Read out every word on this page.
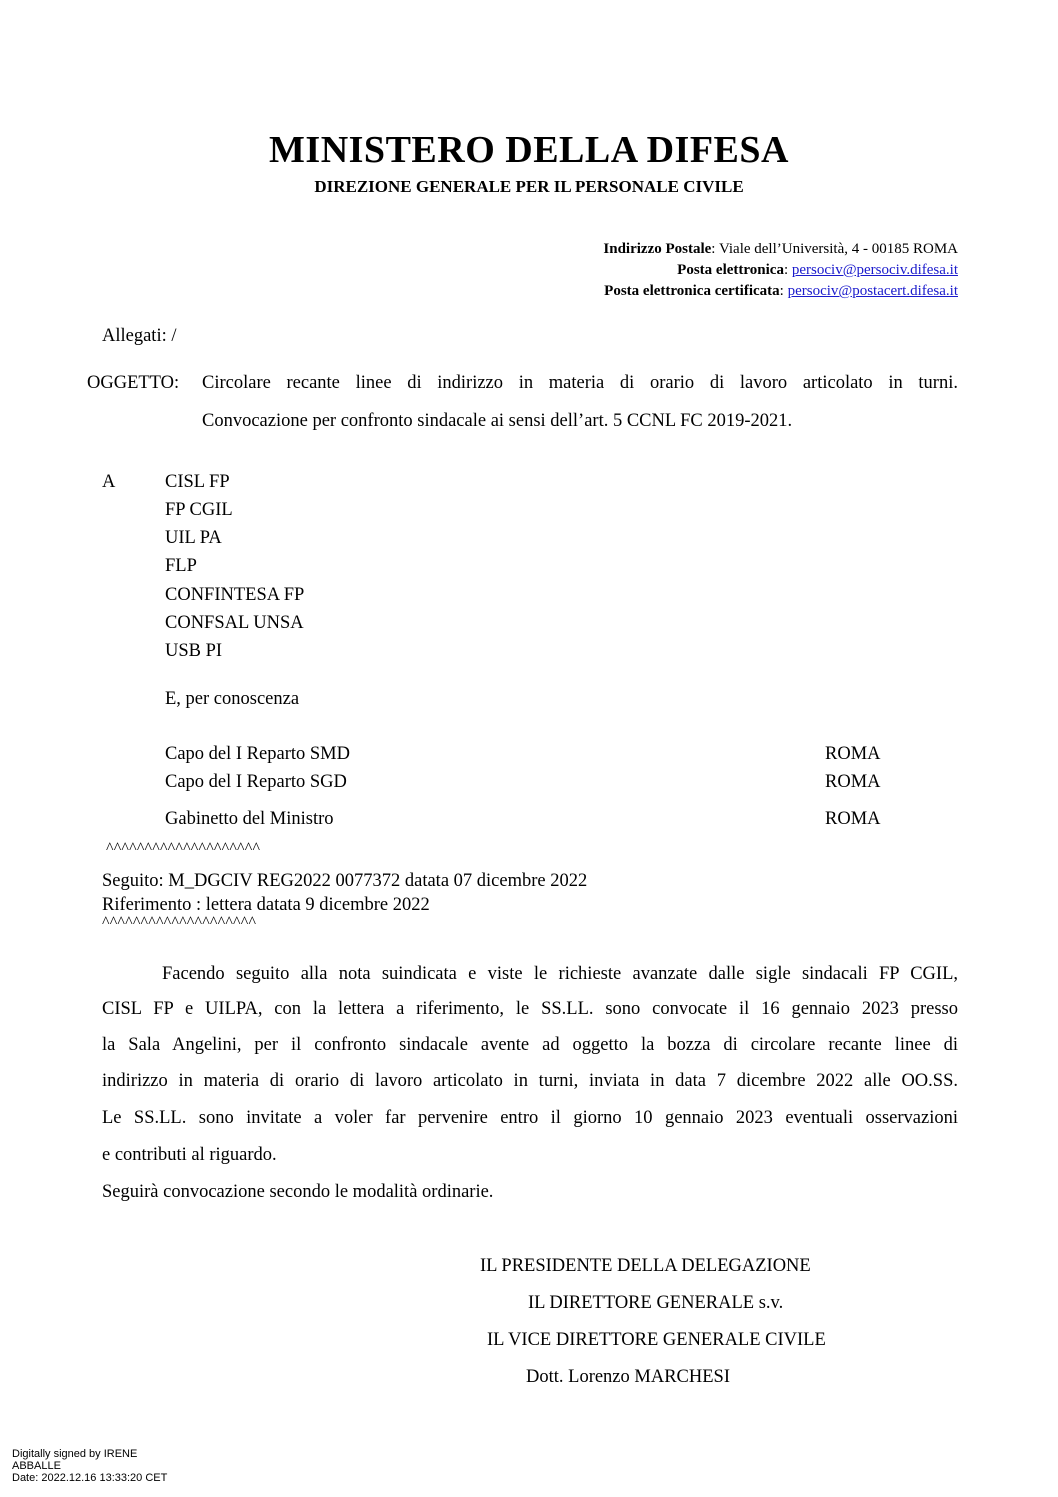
MINISTERO DELLA DIFESA
DIREZIONE GENERALE PER IL PERSONALE CIVILE
Indirizzo Postale: Viale dell’Università, 4 - 00185 ROMA
Posta elettronica: persociv@persociv.difesa.it
Posta elettronica certificata: persociv@postacert.difesa.it
Allegati: /
OGGETTO: Circolare recante linee di indirizzo in materia di orario di lavoro articolato in turni.
Convocazione per confronto sindacale ai sensi dell’art. 5 CCNL FC 2019-2021.
A	CISL FP
FP CGIL
UIL PA
FLP
CONFINTESA FP
CONFSAL UNSA
USB PI
E, per conoscenza
Capo del I Reparto SMD	ROMA
Capo del I Reparto SGD	ROMA
Gabinetto del Ministro	ROMA
^^^^^^^^^^^^^^^^^^^^
Seguito: M_DGCIV REG2022 0077372 datata 07 dicembre 2022
Riferimento : lettera datata 9 dicembre 2022
^^^^^^^^^^^^^^^^^^^^
Facendo seguito alla nota suindicata e viste le richieste avanzate dalle sigle sindacali FP CGIL,
CISL FP e UILPA, con la lettera a riferimento, le SS.LL. sono convocate il 16 gennaio 2023 presso
la Sala Angelini, per il confronto sindacale avente ad oggetto la bozza di circolare recante linee di
indirizzo in materia di orario di lavoro articolato in turni, inviata in data 7 dicembre 2022 alle OO.SS.
Le SS.LL. sono invitate a voler far pervenire entro il giorno 10 gennaio 2023 eventuali osservazioni
e contributi al riguardo.
Seguirà convocazione secondo le modalità ordinarie.
IL PRESIDENTE DELLA DELEGAZIONE
IL DIRETTORE GENERALE s.v.
IL VICE DIRETTORE GENERALE CIVILE
Dott. Lorenzo MARCHESI
Digitally signed by IRENE
ABBALLE
Date: 2022.12.16 13:33:20 CET
